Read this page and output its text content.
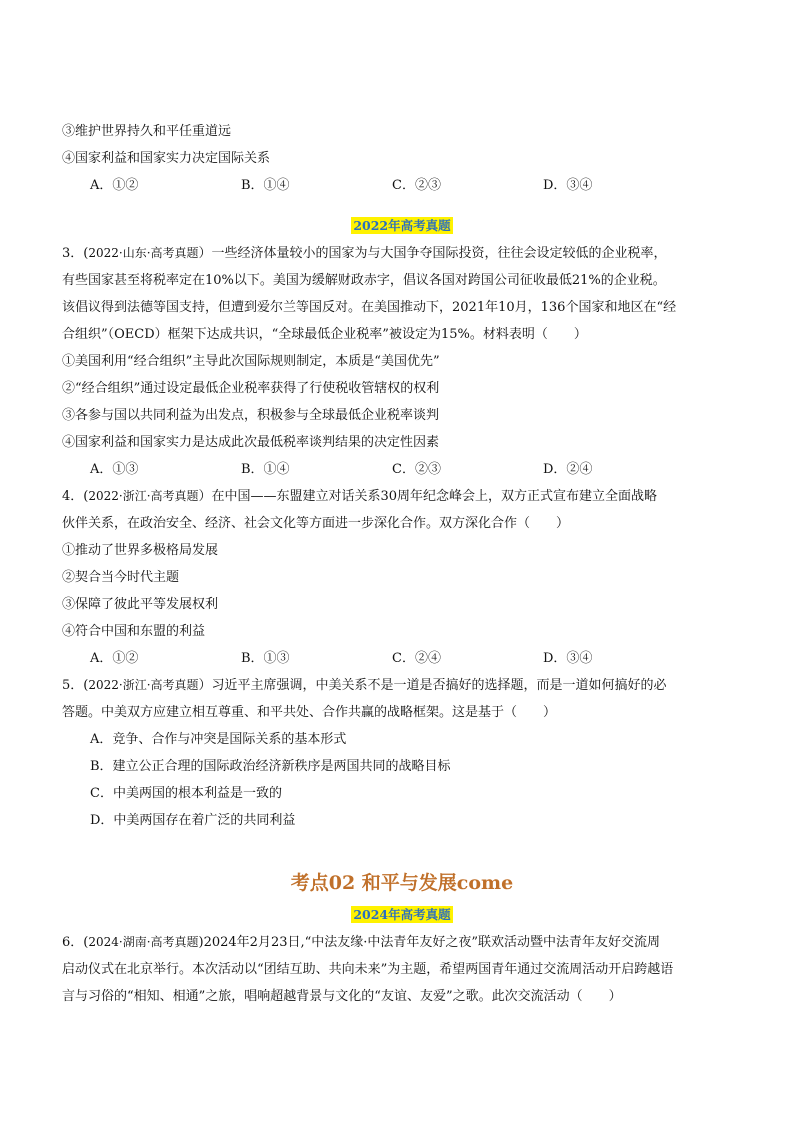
③维护世界持久和平任重道远
④国家利益和国家实力决定国际关系
A．①②	B．①④	C．②③	D．③④
2022年高考真题
3．(2022·山东·高考真题）一些经济体量较小的国家为与大国争夺国际投资，往往会设定较低的企业税率，
有些国家甚至将税率定在10%以下。美国为缓解财政赤字，倡议各国对跨国公司征收最低21%的企业税。
该倡议得到法德等国支持，但遭到爱尔兰等国反对。在美国推动下，2021年10月，136个国家和地区在“经
合组织”（OECD）框架下达成共识，“全球最低企业税率”被设定为15%。材料表明（　　）
①美国利用“经合组织”主导此次国际规则制定，本质是“美国优先”
②“经合组织”通过设定最低企业税率获得了行使税收管辖权的权利
③各参与国以共同利益为出发点，积极参与全球最低企业税率谈判
④国家利益和国家实力是达成此次最低税率谈判结果的决定性因素
A．①③	B．①④	C．②③	D．②④
4．(2022·浙江·高考真题）在中国——东盟建立对话关系30周年纪念峰会上，双方正式宣布建立全面战略
伙伴关系，在政治安全、经济、社会文化等方面进一步深化合作。双方深化合作（　　）
①推动了世界多极格局发展
②契合当今时代主题
③保障了彼此平等发展权利
④符合中国和东盟的利益
A．①②	B．①③	C．②④	D．③④
5．(2022·浙江·高考真题）习近平主席强调，中美关系不是一道是否搞好的选择题，而是一道如何搞好的必
答题。中美双方应建立相互尊重、和平共处、合作共赢的战略框架。这是基于（　　）
A．竞争、合作与冲突是国际关系的基本形式
B．建立公正合理的国际政治经济新秩序是两国共同的战略目标
C．中美两国的根本利益是一致的
D．中美两国存在着广泛的共同利益
考点02 和平与发展come
2024年高考真题
6．(2024·湖南·高考真题)2024年2月23日,“中法友缘·中法青年友好之夜”联欢活动暨中法青年友好交流周
启动仪式在北京举行。本次活动以“团结互助、共向未来”为主题，希望两国青年通过交流周活动开启跨越语
言与习俗的“相知、相通”之旅，唱响超越背景与文化的“友谊、友爱”之歌。此次交流活动（　　）
